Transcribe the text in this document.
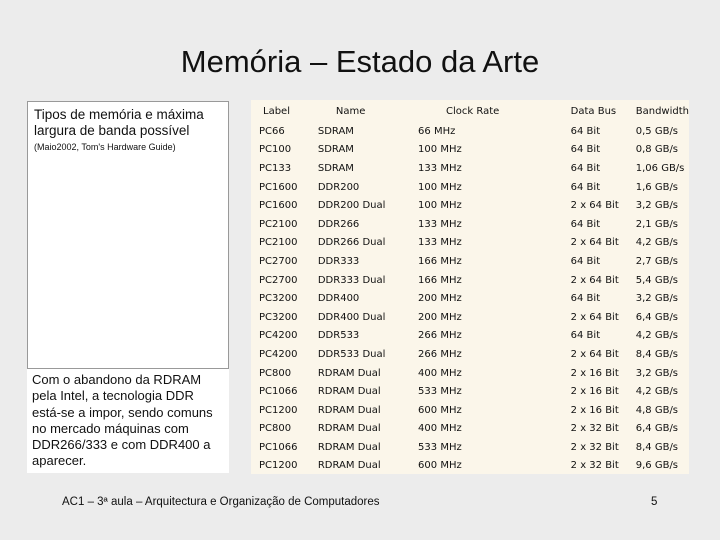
Memória – Estado da Arte
Tipos de memória e máxima largura de banda possível
(Maio2002, Tom's Hardware Guide)
Com o abandono da RDRAM pela Intel, a tecnologia DDR está-se a impor, sendo comuns no mercado máquinas com DDR266/333 e com DDR400 a aparecer.
Label	Name	Clock Rate	Data Bus	Bandwidth
PC66	SDRAM	66 MHz	64 Bit	0,5 GB/s
PC100	SDRAM	100 MHz	64 Bit	0,8 GB/s
PC133	SDRAM	133 MHz	64 Bit	1,06 GB/s
PC1600	DDR200	100 MHz	64 Bit	1,6 GB/s
PC1600	DDR200 Dual	100 MHz	2 x 64 Bit	3,2 GB/s
PC2100	DDR266	133 MHz	64 Bit	2,1 GB/s
PC2100	DDR266 Dual	133 MHz	2 x 64 Bit	4,2 GB/s
PC2700	DDR333	166 MHz	64 Bit	2,7 GB/s
PC2700	DDR333 Dual	166 MHz	2 x 64 Bit	5,4 GB/s
PC3200	DDR400	200 MHz	64 Bit	3,2 GB/s
PC3200	DDR400 Dual	200 MHz	2 x 64 Bit	6,4 GB/s
PC4200	DDR533	266 MHz	64 Bit	4,2 GB/s
PC4200	DDR533 Dual	266 MHz	2 x 64 Bit	8,4 GB/s
PC800	RDRAM Dual	400 MHz	2 x 16 Bit	3,2 GB/s
PC1066	RDRAM Dual	533 MHz	2 x 16 Bit	4,2 GB/s
PC1200	RDRAM Dual	600 MHz	2 x 16 Bit	4,8 GB/s
PC800	RDRAM Dual	400 MHz	2 x 32 Bit	6,4 GB/s
PC1066	RDRAM Dual	533 MHz	2 x 32 Bit	8,4 GB/s
PC1200	RDRAM Dual	600 MHz	2 x 32 Bit	9,6 GB/s
AC1 – 3ª aula – Arquitectura e Organização de Computadores	5
